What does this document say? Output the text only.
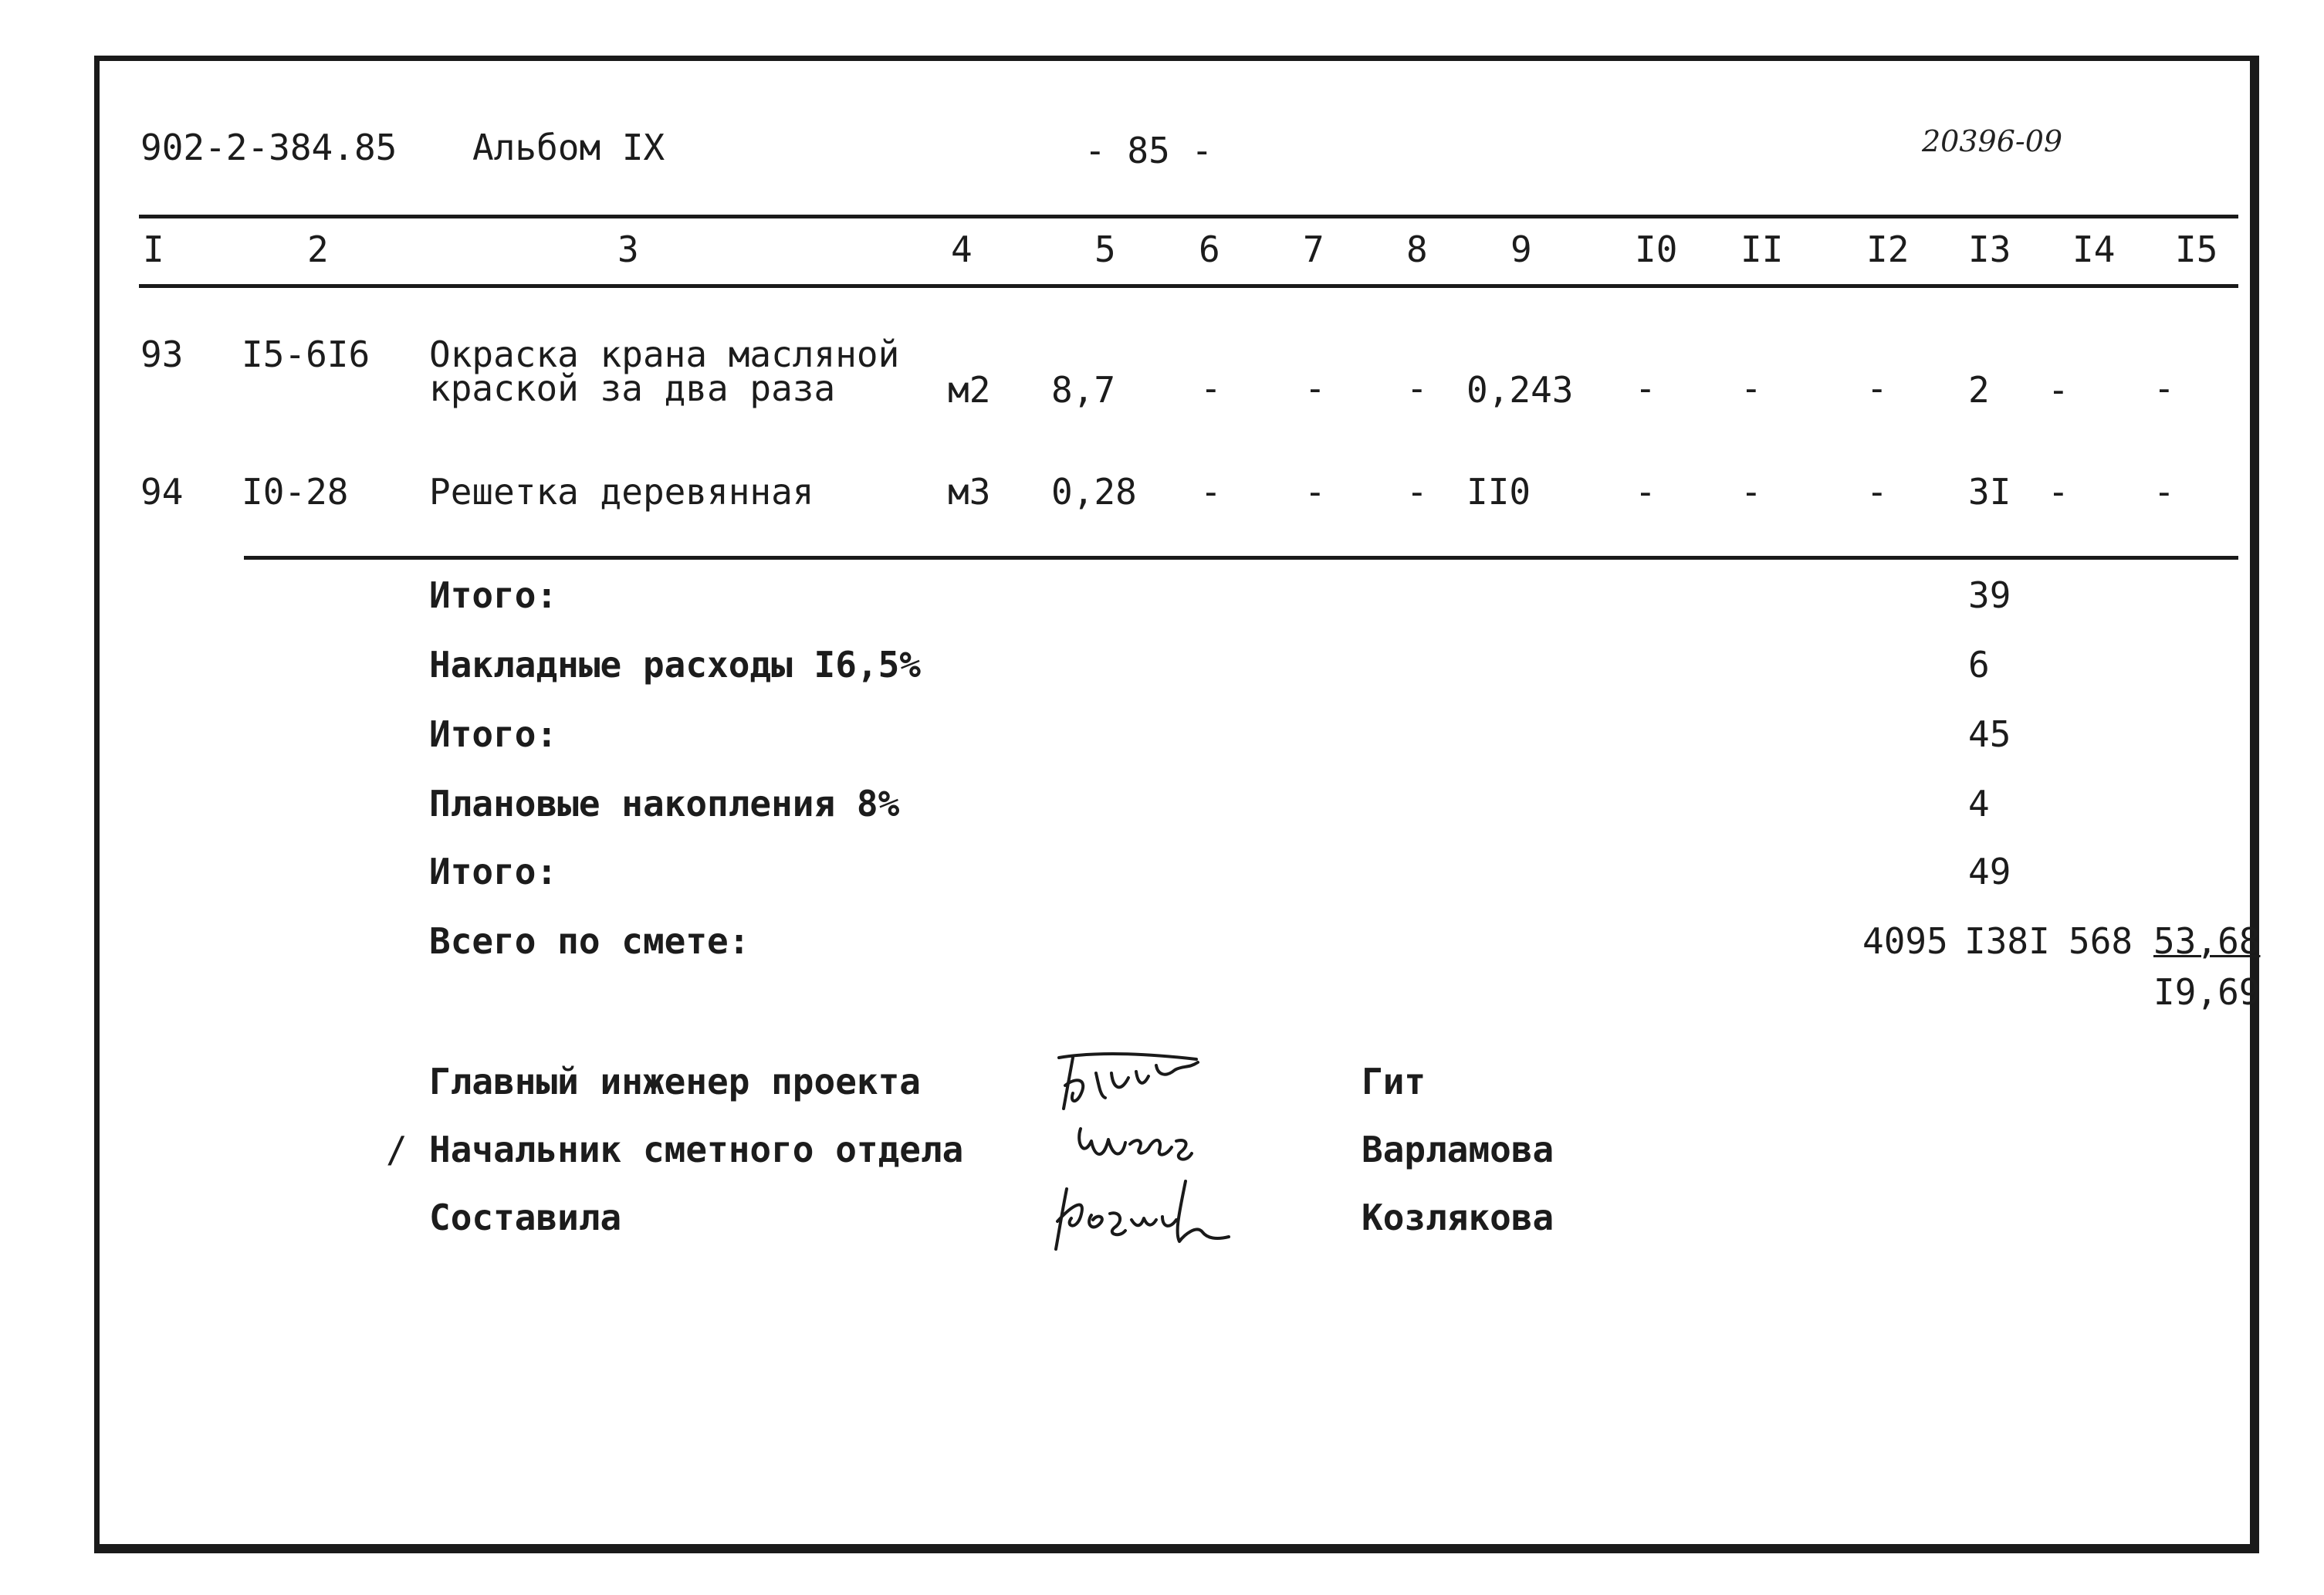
902-2-384.85 Альбом IX	- 85 -	20396-09
I	2	3	4	5 6 7 8 9	I0 II I2 I3 I4 I5
93 I5-6I6 Окраска крана масляной
краской за два раза	м2 8,7 - - - 0,243 - -	- 2 - -
94 I0-28 Решетка деревянная	м3 0,28 - - - II0	- -	- 3I - -
Итого:	39
Накладные расходы I6,5%	6
Итого:	45
Плановые накопления 8%	4
Итого:	49
Всего по смете:	4095 I38I 568 53,68
I9,69
Главный инженер проекта	Гит
/ Начальник сметного отдела	Варламова
Составила	Козлякова
